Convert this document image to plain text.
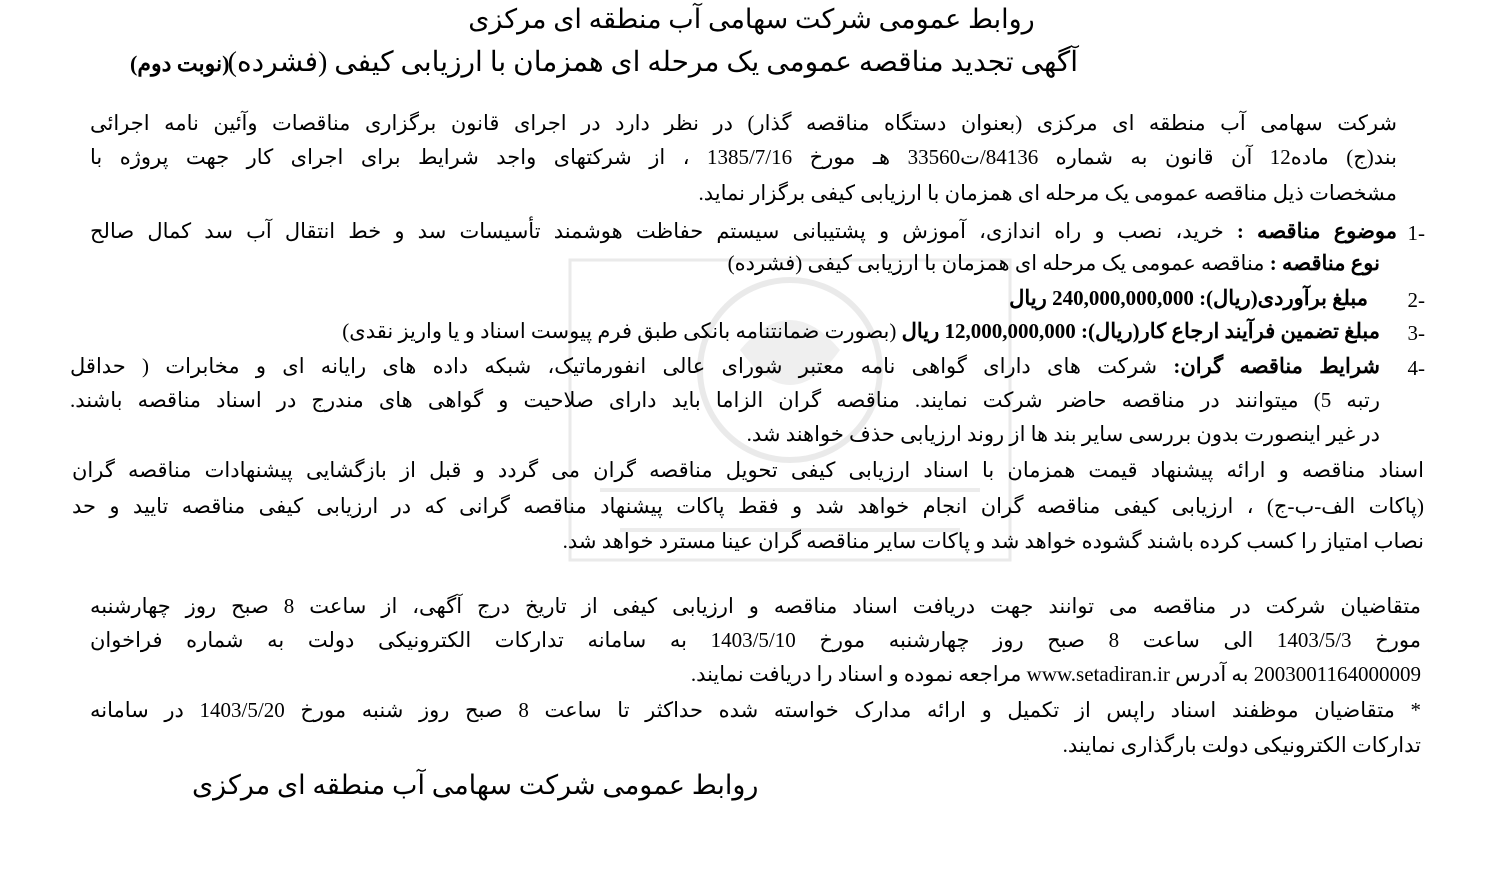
روابط عمومی شرکت سهامی آب منطقه ای مرکزی
آگهی تجدید مناقصه عمومی یک مرحله ای همزمان با ارزیابی کیفی (فشرده)
(نوبت دوم)
شرکت سهامی آب منطقه ای مرکزی (بعنوان دستگاه مناقصه گذار) در نظر دارد در اجرای قانون برگزاری مناقصات وآئین نامه اجرائی
بند(ج) ماده12 آن قانون به شماره 84136/ت33560 هـ مورخ 1385/7/16 ، از شرکتهای واجد شرایط برای اجرای کار جهت پروژه با
مشخصات ذیل مناقصه عمومی یک مرحله ای همزمان با ارزیابی کیفی برگزار نماید.
1-
موضوع مناقصه : خرید، نصب و راه اندازی، آموزش و پشتیبانی سیستم حفاظت هوشمند تأسیسات سد و خط انتقال آب سد کمال صالح
نوع مناقصه : مناقصه عمومی یک مرحله ای همزمان با ارزیابی کیفی (فشرده)
2-
مبلغ برآوردی(ریال): 240,000,000,000 ریال
3-
مبلغ تضمین فرآیند ارجاع کار(ریال): 12,000,000,000 ریال (بصورت ضمانتنامه بانکی طبق فرم پیوست اسناد و یا واریز نقدی)
4-
شرایط مناقصه گران: شرکت های دارای گواهی نامه معتبر شورای عالی انفورماتیک، شبکه داده های رایانه ای و مخابرات ( حداقل
رتبه 5) میتوانند در مناقصه حاضر شرکت نمایند. مناقصه گران الزاما باید دارای صلاحیت و گواهی های مندرج در اسناد مناقصه باشند.
در غیر اینصورت بدون بررسی سایر بند ها از روند ارزیابی حذف خواهند شد.
اسناد مناقصه و ارائه پیشنهاد قیمت همزمان با اسناد ارزیابی کیفی تحویل مناقصه گران می گردد و قبل از بازگشایی پیشنهادات مناقصه گران
(پاکات الف-ب-ج) ، ارزیابی کیفی مناقصه گران انجام خواهد شد و فقط پاکات پیشنهاد مناقصه گرانی که در ارزیابی کیفی مناقصه تایید و حد
نصاب امتیاز را کسب کرده باشند گشوده خواهد شد و پاکات سایر مناقصه گران عینا مسترد خواهد شد.
متقاضیان شرکت در مناقصه می توانند جهت دریافت اسناد مناقصه و ارزیابی کیفی از تاریخ درج آگهی، از ساعت 8 صبح روز چهارشنبه
مورخ 1403/5/3 الی ساعت 8 صبح روز چهارشنبه مورخ 1403/5/10 به سامانه تدارکات الکترونیکی دولت به شماره فراخوان
2003001164000009 به آدرس www.setadiran.ir مراجعه نموده و اسناد را دریافت نمایند.
* متقاضیان موظفند اسناد راپس از تکمیل و ارائه مدارک خواسته شده حداکثر تا ساعت 8 صبح روز شنبه مورخ 1403/5/20 در سامانه
تدارکات الکترونیکی دولت بارگذاری نمایند.
روابط عمومی شرکت سهامی آب منطقه ای مرکزی
